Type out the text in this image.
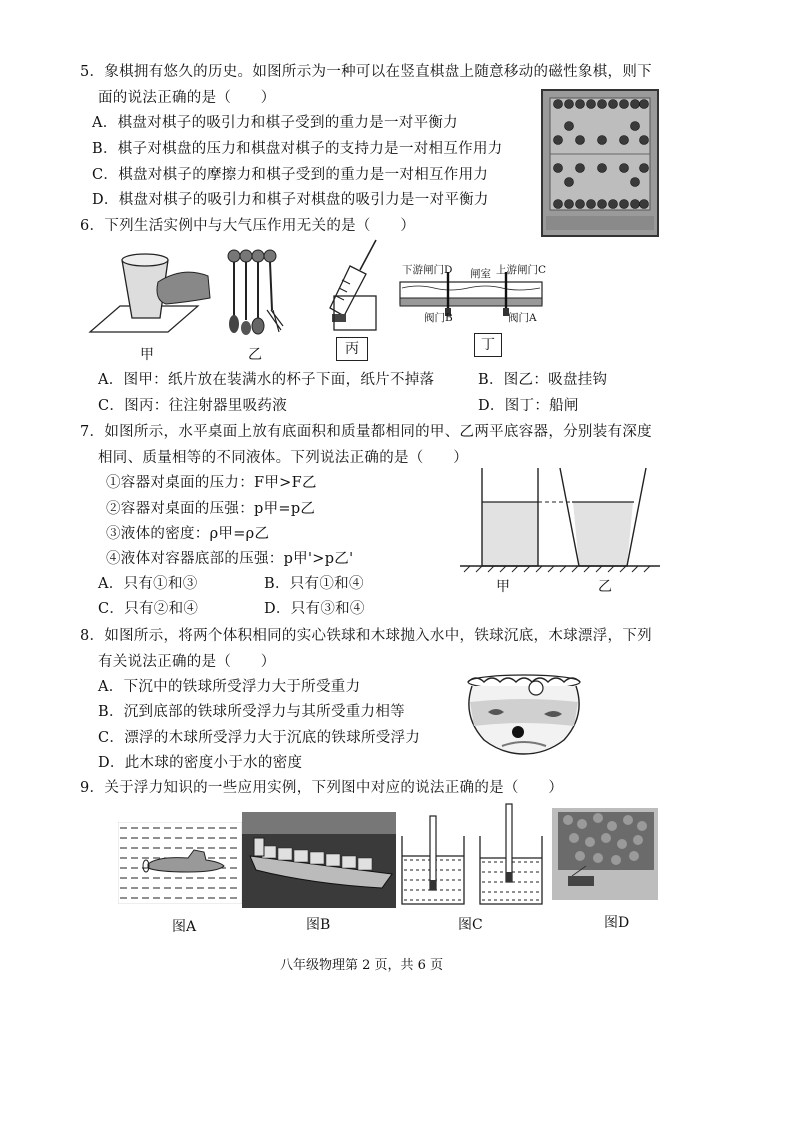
5．象棋拥有悠久的历史。如图所示为一种可以在竖直棋盘上随意移动的磁性象棋，则下
面的说法正确的是（　　）
A．棋盘对棋子的吸引力和棋子受到的重力是一对平衡力
B．棋子对棋盘的压力和棋盘对棋子的支持力是一对相互作用力
C．棋盘对棋子的摩擦力和棋子受到的重力是一对相互作用力
D．棋盘对棋子的吸引力和棋子对棋盘的吸引力是一对平衡力
6．下列生活实例中与大气压作用无关的是（　　）
甲	乙	丙
下游闸门D 闸室 上游闸门C
阀门B	阀门A
丁
A．图甲：纸片放在装满水的杯子下面，纸片不掉落	B．图乙：吸盘挂钩
C．图丙：往注射器里吸药液	D．图丁：船闸
7．如图所示，水平桌面上放有底面积和质量都相同的甲、乙两平底容器，分别装有深度
相同、质量相等的不同液体。下列说法正确的是（　　）
①容器对桌面的压力：F甲>F乙
②容器对桌面的压强：p甲=p乙
③液体的密度：ρ甲=ρ乙
④液体对容器底部的压强：p甲'>p乙'
A．只有①和③	B．只有①和④
C．只有②和④	D．只有③和④
甲	乙
8．如图所示，将两个体积相同的实心铁球和木球抛入水中，铁球沉底，木球漂浮，下列
有关说法正确的是（　　）
A．下沉中的铁球所受浮力大于所受重力
B．沉到底部的铁球所受浮力与其所受重力相等
C．漂浮的木球所受浮力大于沉底的铁球所受浮力
D．此木球的密度小于水的密度
9．关于浮力知识的一些应用实例，下列图中对应的说法正确的是（　　）
图A	图B	图C	图D
八年级物理第 2 页，共 6 页
